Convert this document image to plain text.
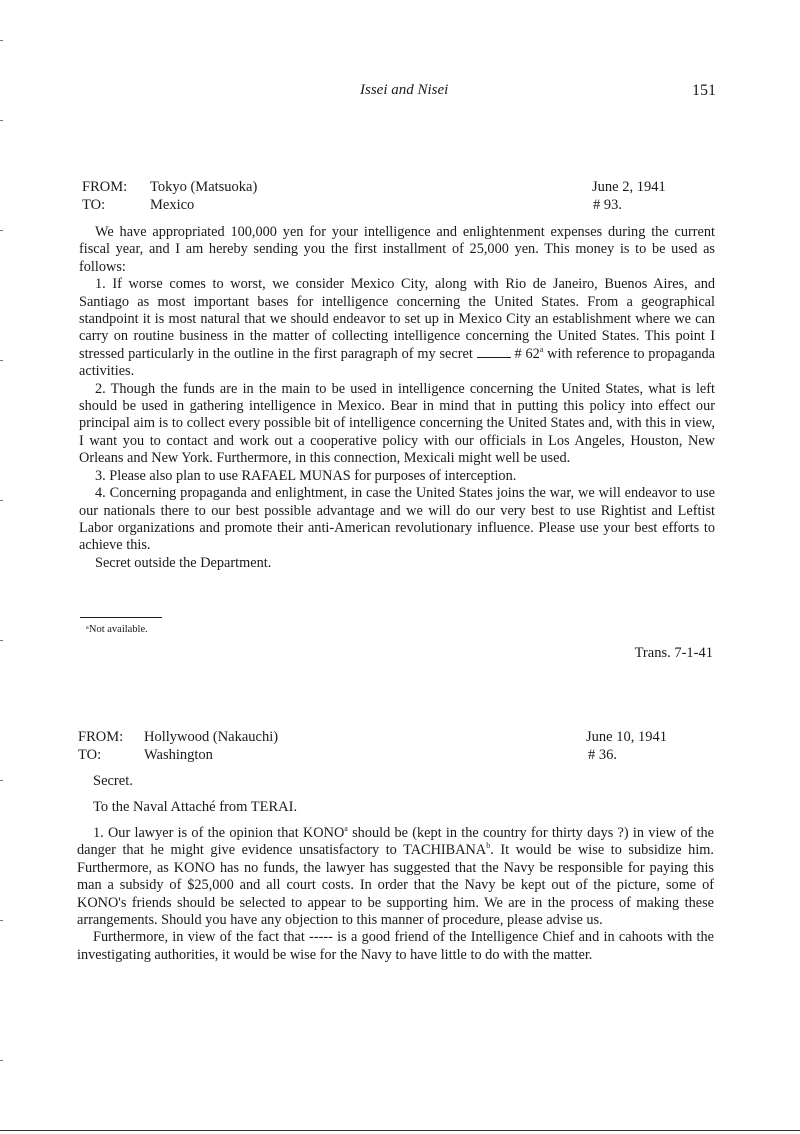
Issei and Nisei	151
FROM: Tokyo (Matsuoka)	June 2, 1941
TO:	Mexico	# 93.

We have appropriated 100,000 yen for your intelligence and enlightenment expenses during the current fiscal year, and I am hereby sending you the first installment of 25,000 yen. This money is to be used as follows:

1. If worse comes to worst, we consider Mexico City, along with Rio de Janeiro, Buenos Aires, and Santiago as most important bases for intelligence concerning the United States. From a geographical standpoint it is most natural that we should endeavor to set up in Mexico City an establishment where we can carry on routine business in the matter of collecting intelligence concerning the United States. This point I stressed particularly in the outline in the first paragraph of my secret	# 62$^a$ with reference to propaganda activities.

2. Though the funds are in the main to be used in intelligence concerning the United States, what is left should be used in gathering intelligence in Mexico. Bear in mind that in putting this policy into effect our principal aim is to collect every possible bit of intelligence concerning the United States and, with this in view, I want you to contact and work out a cooperative policy with our officials in Los Angeles, Houston, New Orleans and New York. Furthermore, in this connection, Mexicali might well be used.

3. Please also plan to use RAFAEL MUNAS for purposes of interception.

4. Concerning propaganda and enlightment, in case the United States joins the war, we will endeavor to use our nationals there to our best possible advantage and we will do our very best to use Rightist and Leftist Labor organizations and promote their anti-American revolutionary influence. Please use your best efforts to achieve this.

Secret outside the Department.

ᵃNot available.
Trans. 7-1-41
FROM: Hollywood (Nakauchi)	June 10, 1941
TO:	Washington	# 36.
Secret.
To the Naval Attaché from TERAI.

1. Our lawyer is of the opinion that KONO$^a$ should be (kept in the country for thirty days ?) in view of the danger that he might give evidence unsatisfactory to TACHIBANA$^b$. It would be wise to subsidize him. Furthermore, as KONO has no funds, the lawyer has suggested that the Navy be responsible for paying this man a subsidy of $25,000 and all court costs. In order that the Navy be kept out of the picture, some of KONO's friends should be selected to appear to be supporting him. We are in the process of making these arrangements. Should you have any objection to this manner of procedure, please advise us.

Furthermore, in view of the fact that ----- is a good friend of the Intelligence Chief and in cahoots with the investigating authorities, it would be wise for the Navy to have little to do with the matter.
